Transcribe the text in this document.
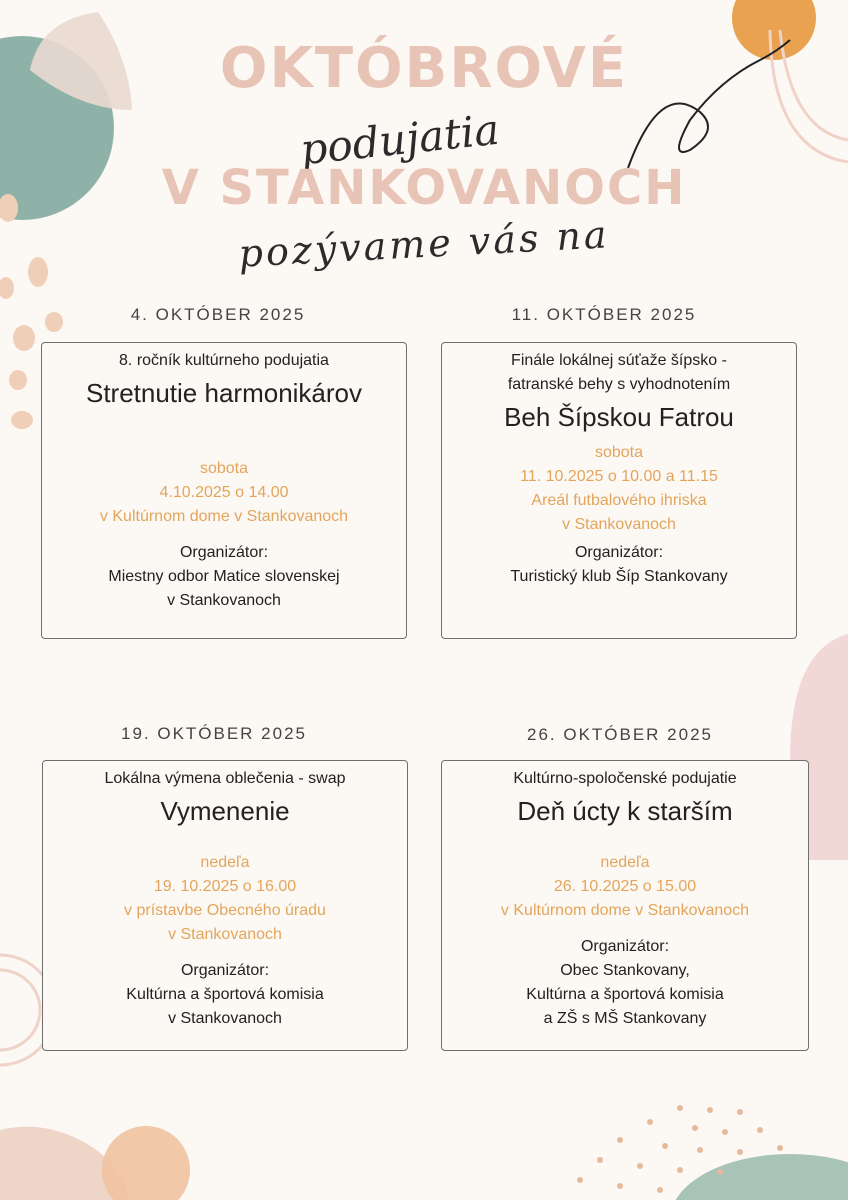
OKTÓBROVÉ

podujatia

V STANKOVANOCH

pozývame vás na

4. OKTÓBER 2025

8. ročník kultúrneho podujatia

Stretnutie harmonikárov

sobota

4.10.2025 o 14.00

v Kultúrnom dome v Stankovanoch

Organizátor:

Miestny odbor Matice slovenskej

v Stankovanoch

11. OKTÓBER 2025

Finále lokálnej súťaže šípsko -

fatranské behy s vyhodnotením

Beh Šípskou Fatrou

sobota

11. 10.2025 o 10.00 a 11.15

Areál futbalového ihriska

v Stankovanoch

Organizátor:

Turistický klub Šíp Stankovany

19. OKTÓBER 2025

Lokálna výmena oblečenia - swap

Vymenenie

nedeľa

19. 10.2025 o 16.00

v prístavbe Obecného úradu

v Stankovanoch

Organizátor:

Kultúrna a športová komisia

v Stankovanoch

26. OKTÓBER 2025

Kultúrno-spoločenské podujatie

Deň úcty k starším

nedeľa

26. 10.2025 o 15.00

v Kultúrnom dome v Stankovanoch

Organizátor:

Obec Stankovany,

Kultúrna a športová komisia

a ZŠ s MŠ Stankovany
